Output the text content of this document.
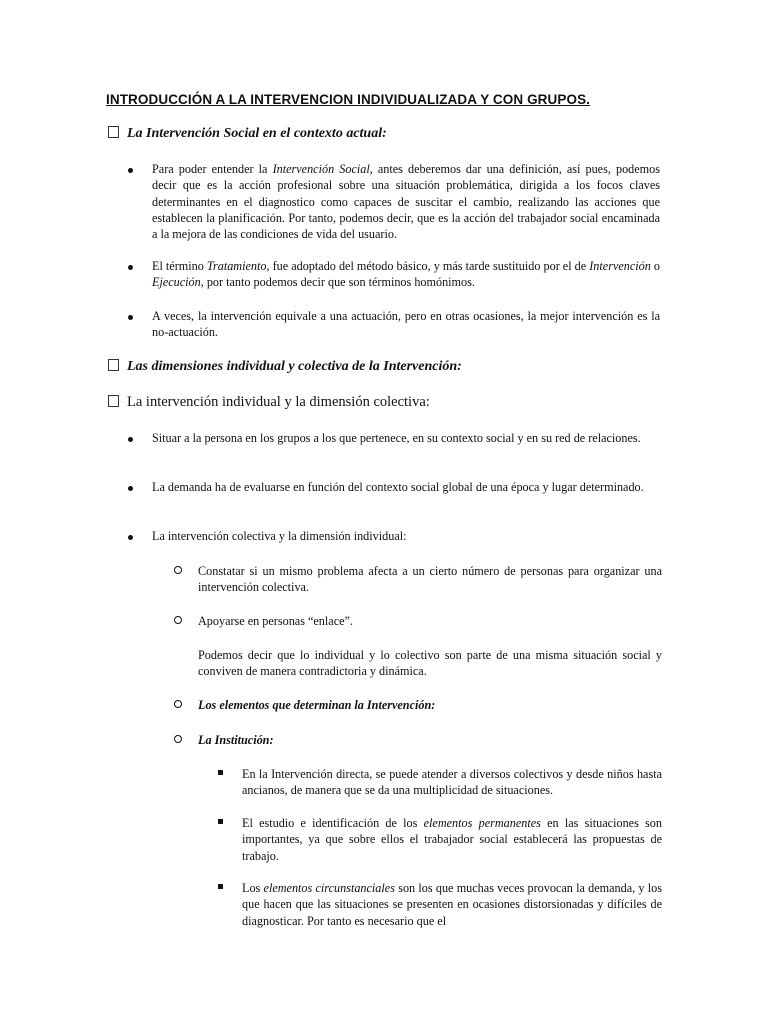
INTRODUCCIÓN A LA INTERVENCION INDIVIDUALIZADA Y CON GRUPOS.
La Intervención Social en el contexto actual:
Para poder entender la Intervención Social, antes deberemos dar una definición, así pues, podemos decir que es la acción profesional sobre una situación problemática, dirigida a los focos claves determinantes en el diagnostico como capaces de suscitar el cambio, realizando las acciones que establecen la planificación. Por tanto, podemos decir, que es la acción del trabajador social encaminada a la mejora de las condiciones de vida del usuario.
El término Tratamiento, fue adoptado del método básico, y más tarde sustituido por el de Intervención o Ejecución, por tanto podemos decir que son términos homónimos.
A veces, la intervención equivale a una actuación, pero en otras ocasiones, la mejor intervención es la no-actuación.
Las dimensiones individual y colectiva de la Intervención:
La intervención individual y la dimensión colectiva:
Situar a la persona en los grupos a los que pertenece, en su contexto social y en su red de relaciones.
La demanda ha de evaluarse en función del contexto social global de una época y lugar determinado.
La intervención colectiva y la dimensión individual:
Constatar si un mismo problema afecta a un cierto número de personas para organizar una intervención colectiva.
Apoyarse en personas “enlace”.
Podemos decir que lo individual y lo colectivo son parte de una misma situación social y conviven de manera contradictoria y dinámica.
Los elementos que determinan la Intervención:
La Institución:
En la Intervención directa, se puede atender a diversos colectivos y desde niños hasta ancianos, de manera que se da una multiplicidad de situaciones.
El estudio e identificación de los elementos permanentes en las situaciones son importantes, ya que sobre ellos el trabajador social establecerá las propuestas de trabajo.
Los elementos circunstanciales son los que muchas veces provocan la demanda, y los que hacen que las situaciones se presenten en ocasiones distorsionadas y difíciles de diagnosticar. Por tanto es necesario que el
